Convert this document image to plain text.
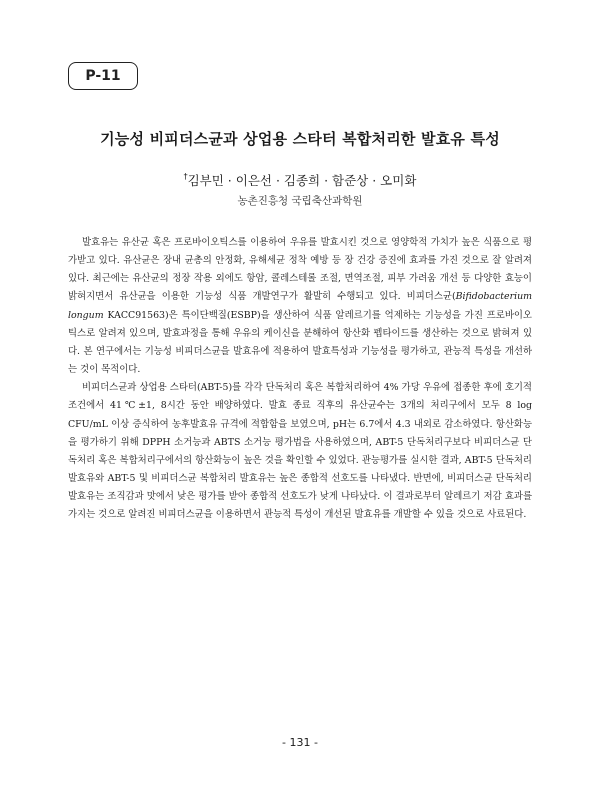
P-11
기능성 비피더스균과 상업용 스타터 복합처리한 발효유 특성
†김부민 · 이은선 · 김종희 · 함준상 · 오미화
농촌진흥청 국립축산과학원

발효유는 유산균 혹은 프로바이오틱스를 이용하여 우유를 발효시킨 것으로 영양학적 가치가 높은 식품으로 평가받고 있다. 유산균은 장내 균총의 안정화, 유해세균 정착 예방 등 장 건강 증진에 효과를 가진 것으로 잘 알려져 있다. 최근에는 유산균의 정장 작용 외에도 항암, 콜레스테롤 조절, 면역조절, 피부 가려움 개선 등 다양한 효능이 밝혀지면서 유산균을 이용한 기능성 식품 개발연구가 활발히 수행되고 있다. 비피더스균(Bifidobacterium longum KACC91563)은 특이단백질(ESBP)을 생산하여 식품 알레르기를 억제하는 기능성을 가진 프로바이오틱스로 알려져 있으며, 발효과정을 통해 우유의 케이신을 분해하여 항산화 펩타이드를 생산하는 것으로 밝혀져 있다. 본 연구에서는 기능성 비피더스균을 발효유에 적용하여 발효특성과 기능성을 평가하고, 관능적 특성을 개선하는 것이 목적이다.

비피더스균과 상업용 스타터(ABT-5)를 각각 단독처리 혹은 복합처리하여 4% 가당 우유에 접종한 후에 호기적 조건에서 41℃±1, 8시간 동안 배양하였다. 발효 종료 직후의 유산균수는 3개의 처리구에서 모두 8 log CFU/mL 이상 증식하여 농후발효유 규격에 적합함을 보였으며, pH는 6.7에서 4.3 내외로 감소하였다. 항산화능을 평가하기 위해 DPPH 소거능과 ABTS 소거능 평가법을 사용하였으며, ABT-5 단독처리구보다 비피더스균 단독처리 혹은 복합처리구에서의 항산화능이 높은 것을 확인할 수 있었다. 관능평가를 실시한 결과, ABT-5 단독처리 발효유와 ABT-5 및 비피더스균 복합처리 발효유는 높은 종합적 선호도를 나타냈다. 반면에, 비피더스균 단독처리 발효유는 조직감과 맛에서 낮은 평가를 받아 종합적 선호도가 낮게 나타났다. 이 결과로부터 알레르기 저감 효과를 가지는 것으로 알려진 비피더스균을 이용하면서 관능적 특성이 개선된 발효유를 개발할 수 있을 것으로 사료된다.

- 131 -
